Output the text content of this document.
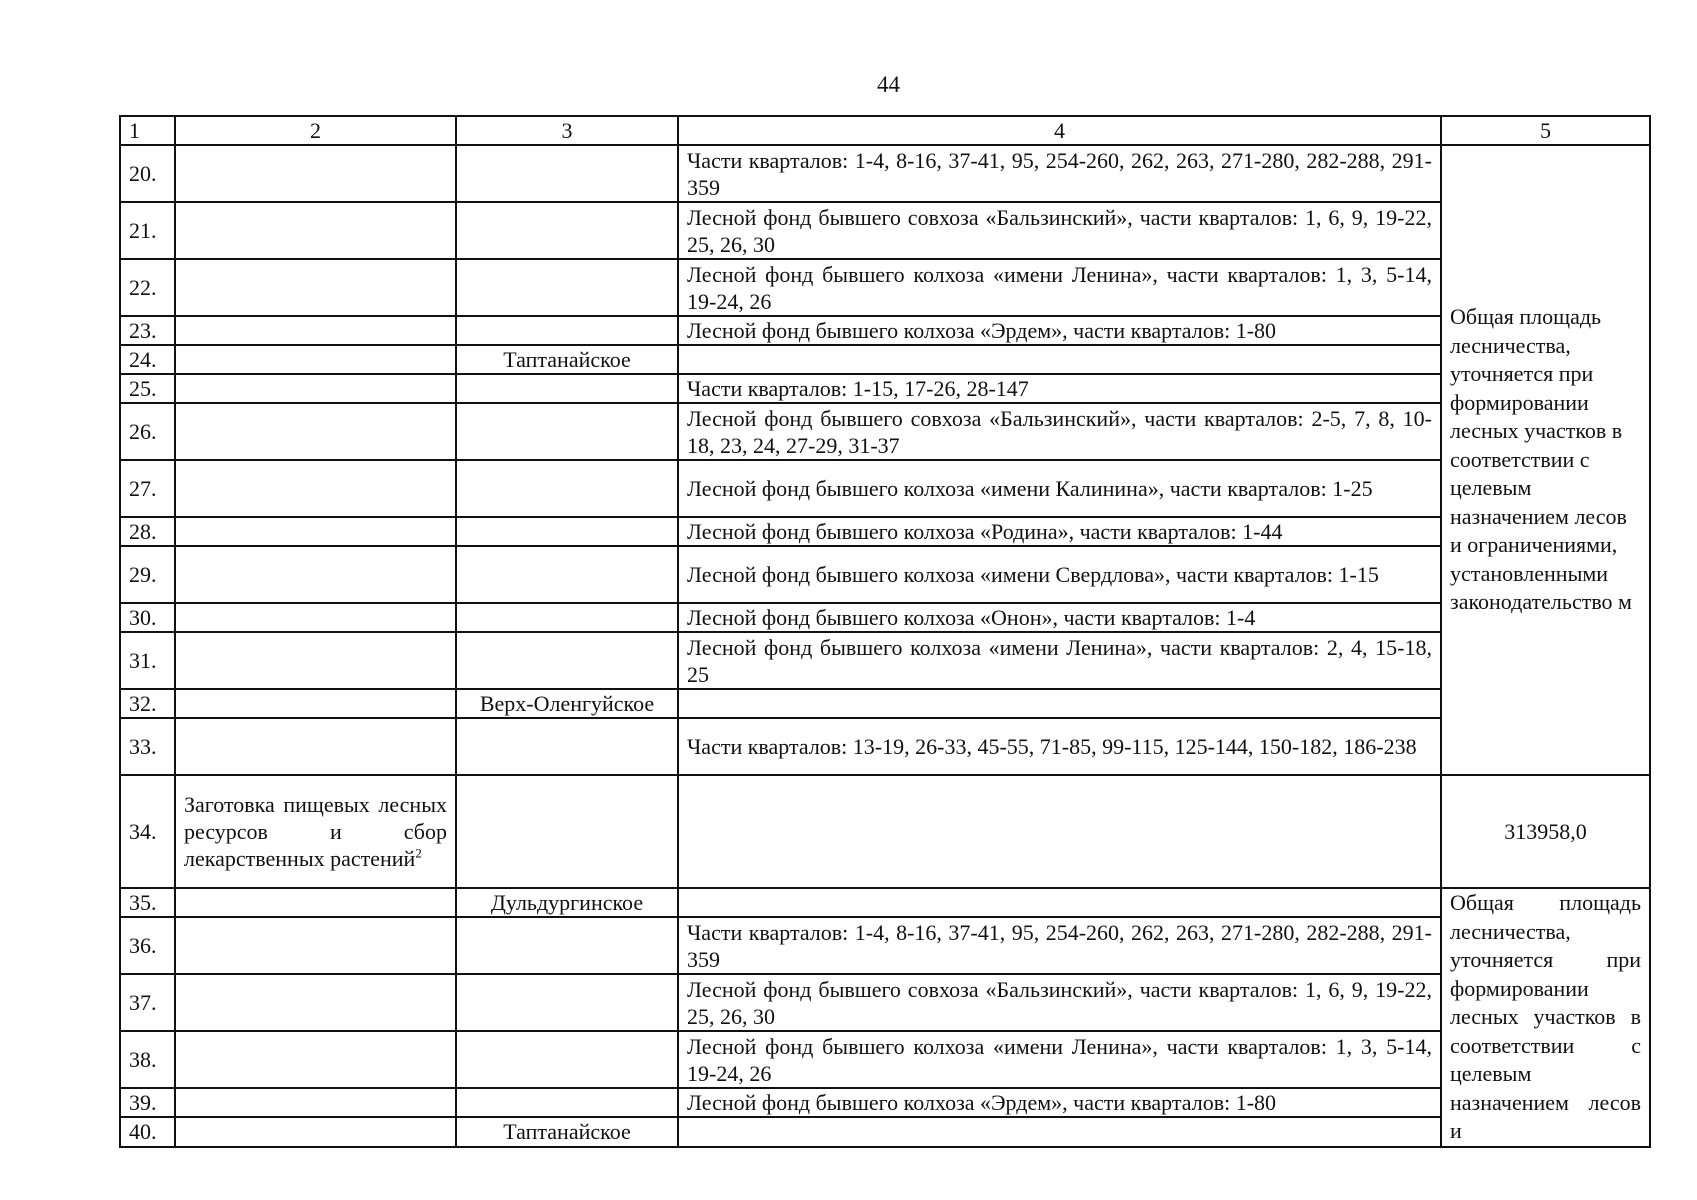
44
1	2	3	4	5
20.			Части кварталов: 1-4, 8-16, 37-41, 95, 254-260, 262, 263, 271-280, 282-288, 291-359	Общая площадь лесничества, уточняется при формировании лесных участков в соответствии с целевым назначением лесов и ограничениями, установленными законодательство м
21.			Лесной фонд бывшего совхоза «Бальзинский», части кварталов: 1, 6, 9, 19-22, 25, 26, 30	
22.			Лесной фонд бывшего колхоза «имени Ленина», части кварталов: 1, 3, 5-14, 19-24, 26	
23.			Лесной фонд бывшего колхоза «Эрдем», части кварталов: 1-80	
24.		Таптанайское		
25.			Части кварталов: 1-15, 17-26, 28-147	
26.			Лесной фонд бывшего совхоза «Бальзинский», части кварталов: 2-5, 7, 8, 10-18, 23, 24, 27-29, 31-37	
27.			Лесной фонд бывшего колхоза «имени Калинина», части кварталов: 1-25	
28.			Лесной фонд бывшего колхоза «Родина», части кварталов: 1-44	
29.			Лесной фонд бывшего колхоза «имени Свердлова», части кварталов: 1-15	
30.			Лесной фонд бывшего колхоза «Онон», части кварталов: 1-4	
31.			Лесной фонд бывшего колхоза «имени Ленина», части кварталов: 2, 4, 15-18, 25	
32.		Верх-Оленгуйское		
33.			Части кварталов: 13-19, 26-33, 45-55, 71-85, 99-115, 125-144, 150-182, 186-238	
34.	Заготовка пищевых лесных ресурсов и сбор лекарственных растений$^2$			313958,0
35.		Дульдургинское		Общая площадь лесничества, уточняется при формировании лесных участков в соответствии с целевым назначением лесов и
36.			Части кварталов: 1-4, 8-16, 37-41, 95, 254-260, 262, 263, 271-280, 282-288, 291-359	
37.			Лесной фонд бывшего совхоза «Бальзинский», части кварталов: 1, 6, 9, 19-22, 25, 26, 30	
38.			Лесной фонд бывшего колхоза «имени Ленина», части кварталов: 1, 3, 5-14, 19-24, 26	
39.			Лесной фонд бывшего колхоза «Эрдем», части кварталов: 1-80	
40.		Таптанайское		
